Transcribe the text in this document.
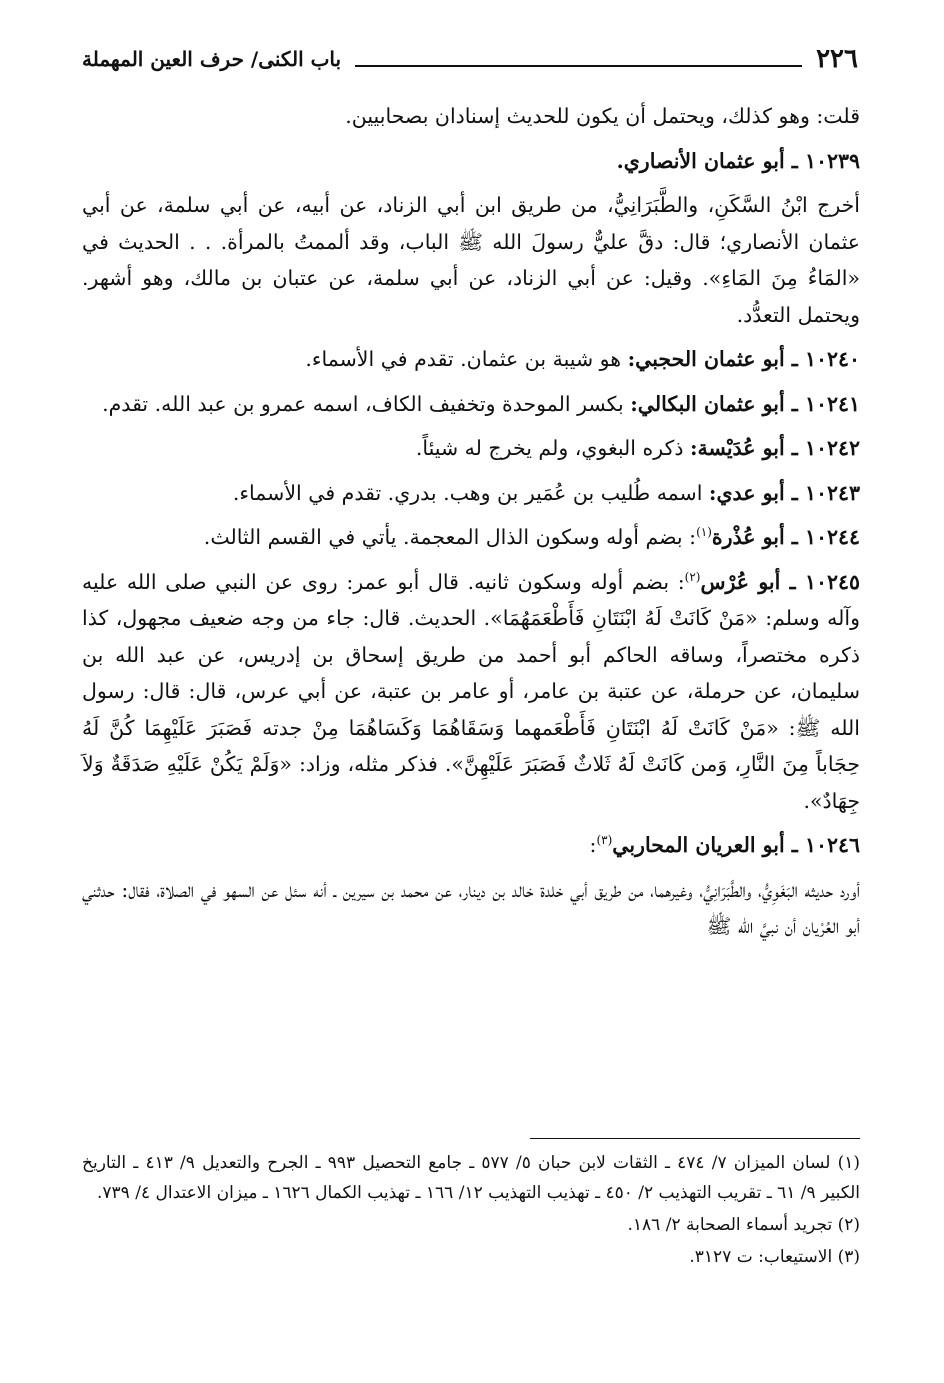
٢٢٦
باب الكنى/ حرف العين المهملة

قلت: وهو كذلك، ويحتمل أن يكون للحديث إسنادان بصحابيين.

١٠٢٣٩ ـ أبو عثمان الأنصاري.

أخرج ابْنُ السَّكَنِ، والطَّبَرَانِيُّ، من طريق ابن أبي الزناد، عن أبيه، عن أبي سلمة، عن أبي عثمان الأنصاري؛ قال: دقَّ عليٌّ رسولَ الله ﷺ الباب، وقد ألممتُ بالمرأة. . . الحديث في «المَاءُ مِنَ المَاءِ». وقيل: عن أبي الزناد، عن أبي سلمة، عن عتبان بن مالك، وهو أشهر. ويحتمل التعدُّد.

١٠٢٤٠ ـ أبو عثمان الحجبي: هو شيبة بن عثمان. تقدم في الأسماء.

١٠٢٤١ ـ أبو عثمان البكالي: بكسر الموحدة وتخفيف الكاف، اسمه عمرو بن عبد الله. تقدم.

١٠٢٤٢ ـ أبو عُدَيْسة: ذكره البغوي، ولم يخرج له شيئاً.

١٠٢٤٣ ـ أبو عدي: اسمه طُليب بن عُمَير بن وهب. بدري. تقدم في الأسماء.

١٠٢٤٤ ـ أبو عُذْرة$^{(١)}$: بضم أوله وسكون الذال المعجمة. يأتي في القسم الثالث.

١٠٢٤٥ ـ أبو عُرْس$^{(٢)}$: بضم أوله وسكون ثانيه. قال أبو عمر: روى عن النبي صلى الله عليه وآله وسلم: «مَنْ كَانَتْ لَهُ ابْنَتَانِ فَأَطْعَمَهُمَا». الحديث. قال: جاء من وجه ضعيف مجهول، كذا ذكره مختصراً، وساقه الحاكم أبو أحمد من طريق إسحاق بن إدريس، عن عبد الله بن سليمان، عن حرملة، عن عتبة بن عامر، أو عامر بن عتبة، عن أبي عرس، قال: قال: رسول الله ﷺ: «مَنْ كَانَتْ لَهُ ابْنَتَانِ فَأَطْعَمهما وَسَقَاهُمَا وَكَسَاهُمَا مِنْ جدته فَصَبَرَ عَلَيْهِمَا كُنَّ لَهُ حِجَاباً مِنَ النَّارِ، وَمن كَانَتْ لَهُ ثَلاثٌ فَصَبَرَ عَلَيْهِنَّ». فذكر مثله، وزاد: «وَلَمْ يَكُنْ عَلَيْهِ صَدَقَةٌ وَلاَ جِهَادٌ».

١٠٢٤٦ ـ أبو العريان المحاربي$^{(٣)}$:

أورد حديثه البَغَوِيُّ، والطَّبَرَانِيُّ، وغيرهما، من طريق أبي خلدة خالد بن دينار، عن محمد بن سيرين ـ أنه سئل عن السهو في الصلاة، فقال: حدثني أبو العُرْيان أن نبيَّ الله ﷺ

(١) لسان الميزان ٧/ ٤٧٤ ـ الثقات لابن حبان ٥/ ٥٧٧ ـ جامع التحصيل ٩٩٣ ـ الجرح والتعديل ٩/ ٤١٣ ـ التاريخ الكبير ٩/ ٦١ ـ تقريب التهذيب ٢/ ٤٥٠ ـ تهذيب التهذيب ١٢/ ١٦٦ ـ تهذيب الكمال ١٦٢٦ ـ ميزان الاعتدال ٤/ ٧٣٩.

(٢) تجريد أسماء الصحابة ٢/ ١٨٦.

(٣) الاستيعاب: ت ٣١٢٧.
